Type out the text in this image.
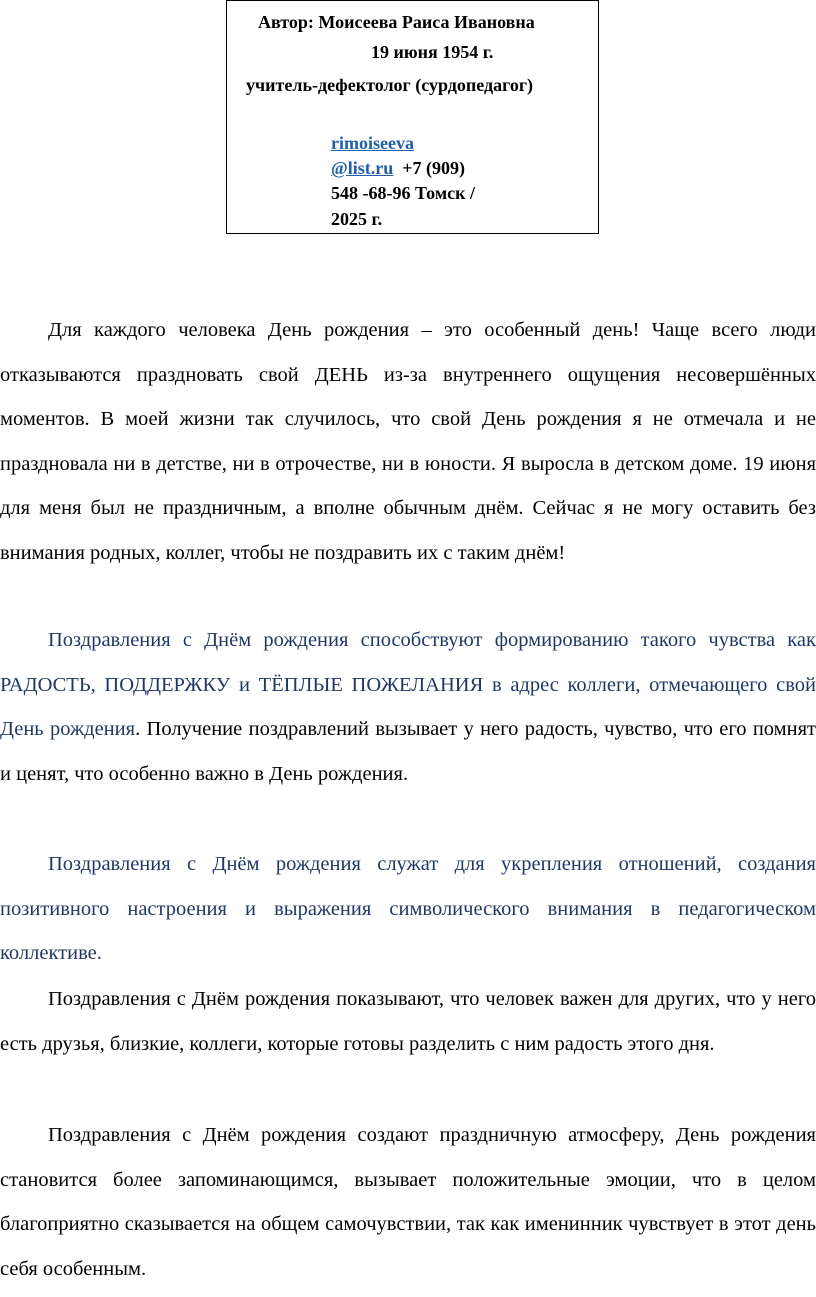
Автор: Моисеева Раиса Ивановна
19 июня 1954 г.
учитель-дефектолог (сурдопедагог)
rimoiseeva
@list.ru +7 (909)
548 -68-96 Томск /
2025 г.
Для каждого человека День рождения – это особенный день! Чаще всего люди отказываются праздновать свой ДЕНЬ из-за внутреннего ощущения несовершённых моментов. В моей жизни так случилось, что свой День рождения я не отмечала и не праздновала ни в детстве, ни в отрочестве, ни в юности. Я выросла в детском доме. 19 июня для меня был не праздничным, а вполне обычным днём. Сейчас я не могу оставить без внимания родных, коллег, чтобы не поздравить их с таким днём!
Поздравления с Днём рождения способствуют формированию такого чувства как РАДОСТЬ, ПОДДЕРЖКУ и ТЁПЛЫЕ ПОЖЕЛАНИЯ в адрес коллеги, отмечающего свой День рождения. Получение поздравлений вызывает у него радость, чувство, что его помнят и ценят, что особенно важно в День рождения.
Поздравления с Днём рождения служат для укрепления отношений, создания позитивного настроения и выражения символического внимания в педагогическом коллективе.
Поздравления с Днём рождения показывают, что человек важен для других, что у него есть друзья, близкие, коллеги, которые готовы разделить с ним радость этого дня.
Поздравления с Днём рождения создают праздничную атмосферу, День рождения становится более запоминающимся, вызывает положительные эмоции, что в целом благоприятно сказывается на общем самочувствии, так как именинник чувствует в этот день себя особенным.
